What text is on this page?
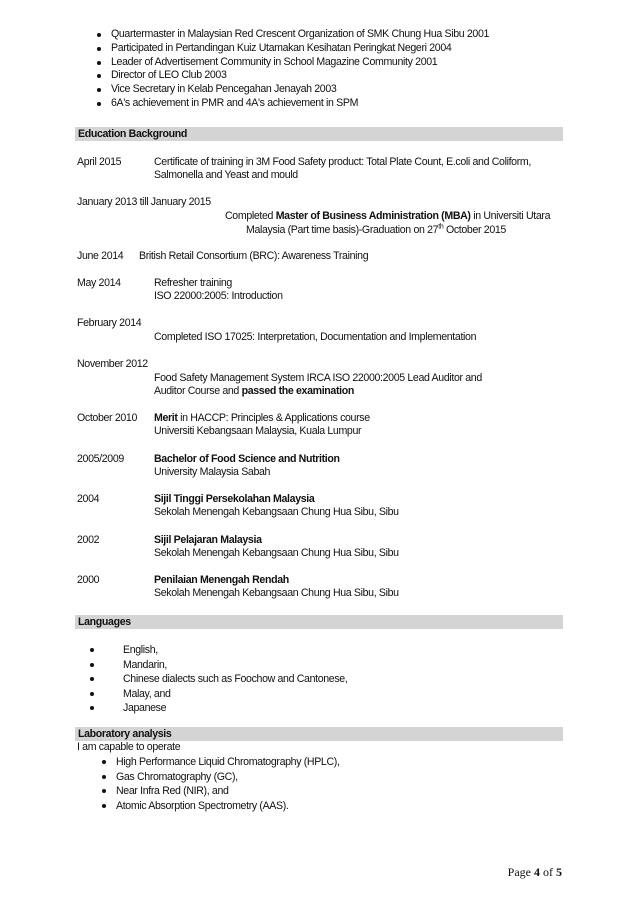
Quartermaster in Malaysian Red Crescent Organization of SMK Chung Hua Sibu 2001
Participated in Pertandingan Kuiz Utamakan Kesihatan Peringkat Negeri 2004
Leader of Advertisement Community in School Magazine Community 2001
Director of LEO Club 2003
Vice Secretary in Kelab Pencegahan Jenayah 2003
6A's achievement in PMR and 4A's achievement in SPM
Education Background
April 2015	Certificate of training in 3M Food Safety product: Total Plate Count, E.coli and Coliform,
Salmonella and Yeast and mould
January 2013 till January 2015
Completed Master of Business Administration (MBA) in Universiti Utara
Malaysia (Part time basis)-Graduation on 27th October 2015
June 2014 British Retail Consortium (BRC): Awareness Training
May 2014	Refresher training
ISO 22000:2005: Introduction
February 2014
Completed ISO 17025: Interpretation, Documentation and Implementation
November 2012
Food Safety Management System IRCA ISO 22000:2005 Lead Auditor and
Auditor Course and passed the examination
October 2010 Merit in HACCP: Principles & Applications course
Universiti Kebangsaan Malaysia, Kuala Lumpur
2005/2009	Bachelor of Food Science and Nutrition
University Malaysia Sabah
2004	Sijil Tinggi Persekolahan Malaysia
Sekolah Menengah Kebangsaan Chung Hua Sibu, Sibu
2002	Sijil Pelajaran Malaysia
Sekolah Menengah Kebangsaan Chung Hua Sibu, Sibu
2000	Penilaian Menengah Rendah
Sekolah Menengah Kebangsaan Chung Hua Sibu, Sibu
Languages
English,
Mandarin,
Chinese dialects such as Foochow and Cantonese,
Malay, and
Japanese
Laboratory analysis
I am capable to operate
High Performance Liquid Chromatography (HPLC),
Gas Chromatography (GC),
Near Infra Red (NIR), and
Atomic Absorption Spectrometry (AAS).
Page 4 of 5
